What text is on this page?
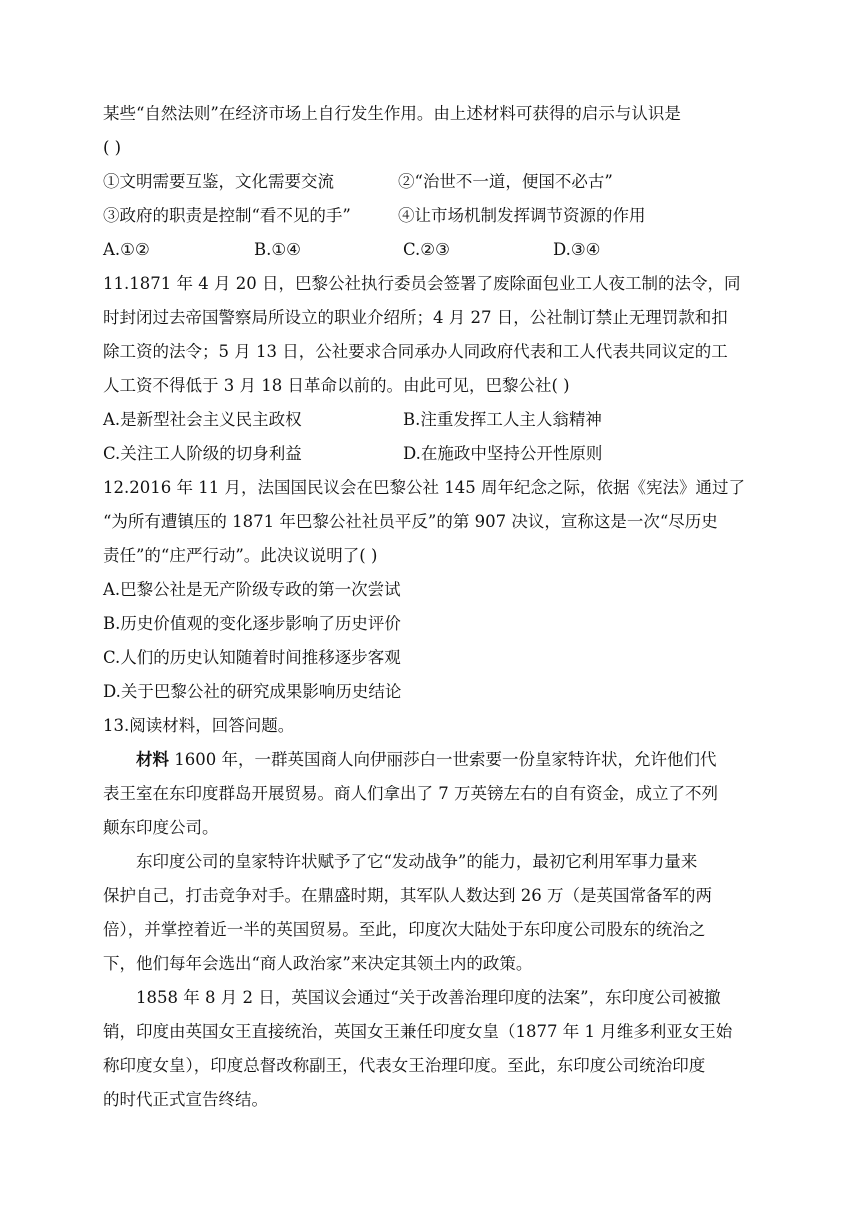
某些“自然法则”在经济市场上自行发生作用。由上述材料可获得的启示与认识是
( )
①文明需要互鉴，文化需要交流	②“治世不一道，便国不必古”
③政府的职责是控制“看不见的手”	④让市场机制发挥调节资源的作用
A.①②	B.①④	C.②③	D.③④
11.1871 年 4 月 20 日，巴黎公社执行委员会签署了废除面包业工人夜工制的法令，同
时封闭过去帝国警察局所设立的职业介绍所；4 月 27 日，公社制订禁止无理罚款和扣
除工资的法令；5 月 13 日，公社要求合同承办人同政府代表和工人代表共同议定的工
人工资不得低于 3 月 18 日革命以前的。由此可见，巴黎公社( )
A.是新型社会主义民主政权	B.注重发挥工人主人翁精神
C.关注工人阶级的切身利益	D.在施政中坚持公开性原则
12.2016 年 11 月，法国国民议会在巴黎公社 145 周年纪念之际，依据《宪法》通过了
“为所有遭镇压的 1871 年巴黎公社社员平反”的第 907 决议，宣称这是一次“尽历史
责任”的“庄严行动”。此决议说明了( )
A.巴黎公社是无产阶级专政的第一次尝试
B.历史价值观的变化逐步影响了历史评价
C.人们的历史认知随着时间推移逐步客观
D.关于巴黎公社的研究成果影响历史结论
13.阅读材料，回答问题。
材料 1600 年，一群英国商人向伊丽莎白一世索要一份皇家特许状，允许他们代
表王室在东印度群岛开展贸易。商人们拿出了 7 万英镑左右的自有资金，成立了不列
颠东印度公司。
东印度公司的皇家特许状赋予了它“发动战争”的能力，最初它利用军事力量来
保护自己，打击竞争对手。在鼎盛时期，其军队人数达到 26 万（是英国常备军的两
倍），并掌控着近一半的英国贸易。至此，印度次大陆处于东印度公司股东的统治之
下，他们每年会选出“商人政治家”来决定其领土内的政策。
1858 年 8 月 2 日，英国议会通过“关于改善治理印度的法案”，东印度公司被撤
销，印度由英国女王直接统治，英国女王兼任印度女皇（1877 年 1 月维多利亚女王始
称印度女皇），印度总督改称副王，代表女王治理印度。至此，东印度公司统治印度
的时代正式宣告终结。
